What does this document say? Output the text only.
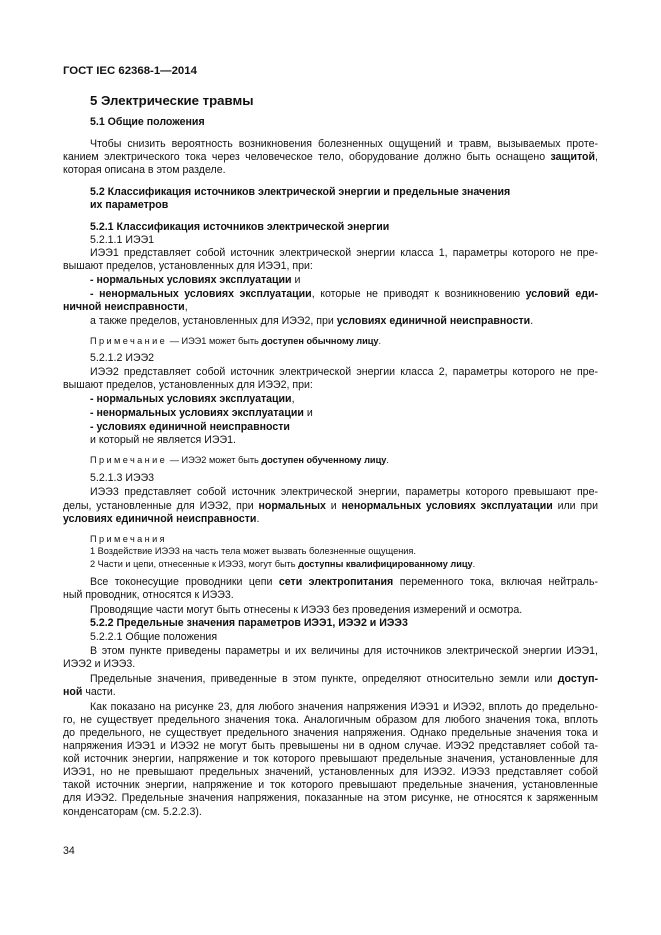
ГОСТ IEC 62368-1—2014
5 Электрические травмы
5.1 Общие положения
Чтобы снизить вероятность возникновения болезненных ощущений и травм, вызываемых проте-
канием электрического тока через человеческое тело, оборудование должно быть оснащено защитой,
которая описана в этом разделе.
5.2 Классификация источников электрической энергии и предельные значения
их параметров
5.2.1 Классификация источников электрической энергии
5.2.1.1 ИЭЭ1
ИЭЭ1 представляет собой источник электрической энергии класса 1, параметры которого не пре-
вышают пределов, установленных для ИЭЭ1, при:
- нормальных условиях эксплуатации и
- ненормальных условиях эксплуатации, которые не приводят к возникновению условий еди-
ничной неисправности,
а также пределов, установленных для ИЭЭ2, при условиях единичной неисправности.
Примечание — ИЭЭ1 может быть доступен обычному лицу.
5.2.1.2 ИЭЭ2
ИЭЭ2 представляет собой источник электрической энергии класса 2, параметры которого не пре-
вышают пределов, установленных для ИЭЭ2, при:
- нормальных условиях эксплуатации,
- ненормальных условиях эксплуатации и
- условиях единичной неисправности
и который не является ИЭЭ1.
Примечание — ИЭЭ2 может быть доступен обученному лицу.
5.2.1.3 ИЭЭ3
ИЭЭ3 представляет собой источник электрической энергии, параметры которого превышают пре-
делы, установленные для ИЭЭ2, при нормальных и ненормальных условиях эксплуатации или при
условиях единичной неисправности.
Примечания
1 Воздействие ИЭЭ3 на часть тела может вызвать болезненные ощущения.
2 Части и цепи, отнесенные к ИЭЭ3, могут быть доступны квалифицированному лицу.
Все токонесущие проводники цепи сети электропитания переменного тока, включая нейтраль-
ный проводник, относятся к ИЭЭ3.
Проводящие части могут быть отнесены к ИЭЭ3 без проведения измерений и осмотра.
5.2.2 Предельные значения параметров ИЭЭ1, ИЭЭ2 и ИЭЭ3
5.2.2.1 Общие положения
В этом пункте приведены параметры и их величины для источников электрической энергии ИЭЭ1,
ИЭЭ2 и ИЭЭ3.
Предельные значения, приведенные в этом пункте, определяют относительно земли или доступ-
ной части.
Как показано на рисунке 23, для любого значения напряжения ИЭЭ1 и ИЭЭ2, вплоть до предельно-
го, не существует предельного значения тока. Аналогичным образом для любого значения тока, вплоть
до предельного, не существует предельного значения напряжения. Однако предельные значения тока и
напряжения ИЭЭ1 и ИЭЭ2 не могут быть превышены ни в одном случае. ИЭЭ2 представляет собой та-
кой источник энергии, напряжение и ток которого превышают предельные значения, установленные для
ИЭЭ1, но не превышают предельных значений, установленных для ИЭЭ2. ИЭЭ3 представляет собой
такой источник энергии, напряжение и ток которого превышают предельные значения, установленные
для ИЭЭ2. Предельные значения напряжения, показанные на этом рисунке, не относятся к заряженным
конденсаторам (см. 5.2.2.3).
34
